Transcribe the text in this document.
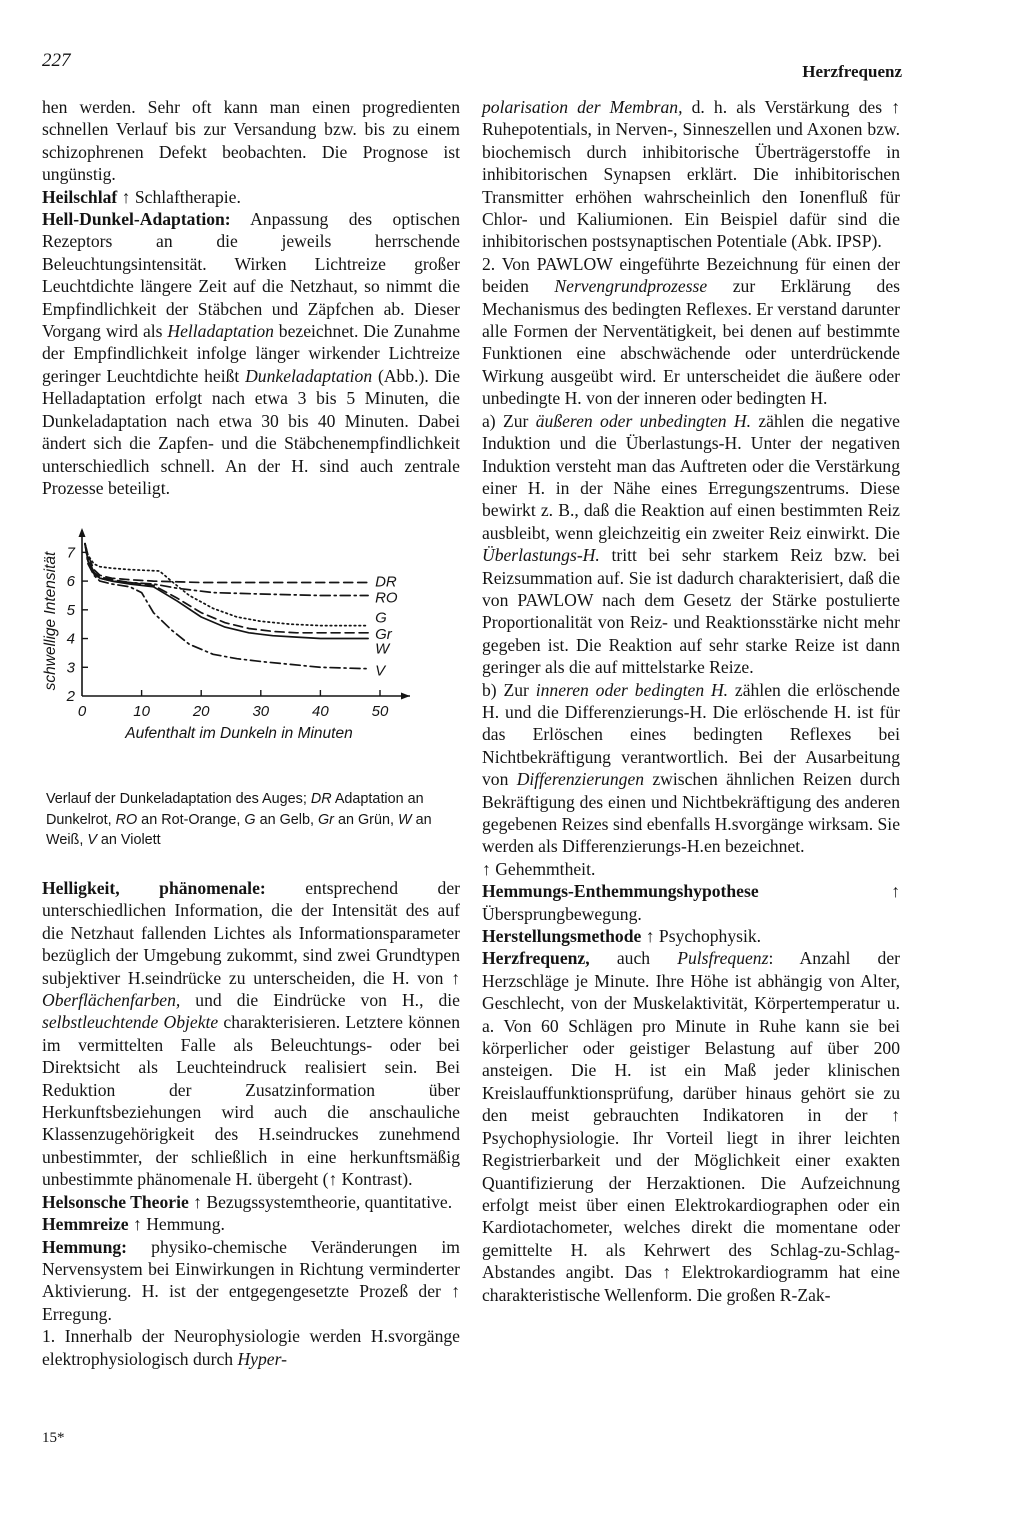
227
Herzfrequenz

hen werden. Sehr oft kann man einen progredienten schnellen Verlauf bis zur Versandung bzw. bis zu einem schizophrenen Defekt beobachten. Die Prognose ist ungünstig.

Heilschlaf ↑ Schlaftherapie.

Hell-Dunkel-Adaptation: Anpassung des optischen Rezeptors an die jeweils herrschende Beleuchtungsintensität. Wirken Lichtreize großer Leuchtdichte längere Zeit auf die Netzhaut, so nimmt die Empfindlichkeit der Stäbchen und Zäpfchen ab. Dieser Vorgang wird als Helladaptation bezeichnet. Die Zunahme der Empfindlichkeit infolge länger wirkender Lichtreize geringer Leuchtdichte heißt Dunkeladaptation (Abb.). Die Helladaptation erfolgt nach etwa 3 bis 5 Minuten, die Dunkeladaptation nach etwa 30 bis 40 Minuten. Dabei ändert sich die Zapfen- und die Stäbchenempfindlichkeit unterschiedlich schnell. An der H. sind auch zentrale Prozesse beteiligt.

0	10	20	30	40	50
2
3
4
5
6
7
Aufenthalt im Dunkeln in Minuten
schwellige Intensität	DR
RO
G
Gr
W
V
Verlauf der Dunkeladaptation des Auges; DR Adaptation an Dunkelrot, RO an Rot-Orange, G an Gelb, Gr an Grün, W an Weiß, V an Violett

Helligkeit, phänomenale: entsprechend der unterschiedlichen Information, die der Intensität des auf die Netzhaut fallenden Lichtes als Informationsparameter bezüglich der Umgebung zukommt, sind zwei Grundtypen subjektiver H.seindrücke zu unterscheiden, die H. von ↑ Oberflächenfarben, und die Eindrücke von H., die selbstleuchtende Objekte charakterisieren. Letztere können im vermittelten Falle als Beleuchtungs- oder bei Direktsicht als Leuchteindruck realisiert sein. Bei Reduktion der Zusatzinformation über Herkunftsbeziehungen wird auch die anschauliche Klassenzugehörigkeit des H.seindruckes zunehmend unbestimmter, der schließlich in eine herkunftsmäßig unbestimmte phänomenale H. übergeht (↑ Kontrast).

Helsonsche Theorie ↑ Bezugssystemtheorie, quantitative.

Hemmreize ↑ Hemmung.

Hemmung: physiko-chemische Veränderungen im Nervensystem bei Einwirkungen in Richtung verminderter Aktivierung. H. ist der entgegengesetzte Prozeß der ↑ Erregung.

1. Innerhalb der Neurophysiologie werden H.svorgänge elektrophysiologisch durch Hyper-

polarisation der Membran, d. h. als Verstärkung des ↑ Ruhepotentials, in Nerven-, Sinneszellen und Axonen bzw. biochemisch durch inhibitorische Überträgerstoffe in inhibitorischen Synapsen erklärt. Die inhibitorischen Transmitter erhöhen wahrscheinlich den Ionenfluß für Chlor- und Kaliumionen. Ein Beispiel dafür sind die inhibitorischen postsynaptischen Potentiale (Abk. IPSP).

2. Von PAWLOW eingeführte Bezeichnung für einen der beiden Nervengrundprozesse zur Erklärung des Mechanismus des bedingten Reflexes. Er verstand darunter alle Formen der Nerventätigkeit, bei denen auf bestimmte Funktionen eine abschwächende oder unterdrückende Wirkung ausgeübt wird. Er unterscheidet die äußere oder unbedingte H. von der inneren oder bedingten H.

a) Zur äußeren oder unbedingten H. zählen die negative Induktion und die Überlastungs-H. Unter der negativen Induktion versteht man das Auftreten oder die Verstärkung einer H. in der Nähe eines Erregungszentrums. Diese bewirkt z. B., daß die Reaktion auf einen bestimmten Reiz ausbleibt, wenn gleichzeitig ein zweiter Reiz einwirkt. Die Überlastungs-H. tritt bei sehr starkem Reiz bzw. bei Reizsummation auf. Sie ist dadurch charakterisiert, daß die von PAWLOW nach dem Gesetz der Stärke postulierte Proportionalität von Reiz- und Reaktionsstärke nicht mehr gegeben ist. Die Reaktion auf sehr starke Reize ist dann geringer als die auf mittelstarke Reize.

b) Zur inneren oder bedingten H. zählen die erlöschende H. und die Differenzierungs-H. Die erlöschende H. ist für das Erlöschen eines bedingten Reflexes bei Nichtbekräftigung verantwortlich. Bei der Ausarbeitung von Differenzierungen zwischen ähnlichen Reizen durch Bekräftigung des einen und Nichtbekräftigung des anderen gegebenen Reizes sind ebenfalls H.svorgänge wirksam. Sie werden als Differenzierungs-H.en bezeichnet.

↑ Gehemmtheit.

Hemmungs-Enthemmungshypothese ↑ Übersprungbewegung.

Herstellungsmethode ↑ Psychophysik.

Herzfrequenz, auch Pulsfrequenz: Anzahl der Herzschläge je Minute. Ihre Höhe ist abhängig von Alter, Geschlecht, von der Muskelaktivität, Körpertemperatur u. a. Von 60 Schlägen pro Minute in Ruhe kann sie bei körperlicher oder geistiger Belastung auf über 200 ansteigen. Die H. ist ein Maß jeder klinischen Kreislauffunktionsprüfung, darüber hinaus gehört sie zu den meist gebrauchten Indikatoren in der ↑ Psychophysiologie. Ihr Vorteil liegt in ihrer leichten Registrierbarkeit und der Möglichkeit einer exakten Quantifizierung der Herzaktionen. Die Aufzeichnung erfolgt meist über einen Elektrokardiographen oder ein Kardiotachometer, welches direkt die momentane oder gemittelte H. als Kehrwert des Schlag-zu-Schlag-Abstandes angibt. Das ↑ Elektrokardiogramm hat eine charakteristische Wellenform. Die großen R-Zak-

15*
